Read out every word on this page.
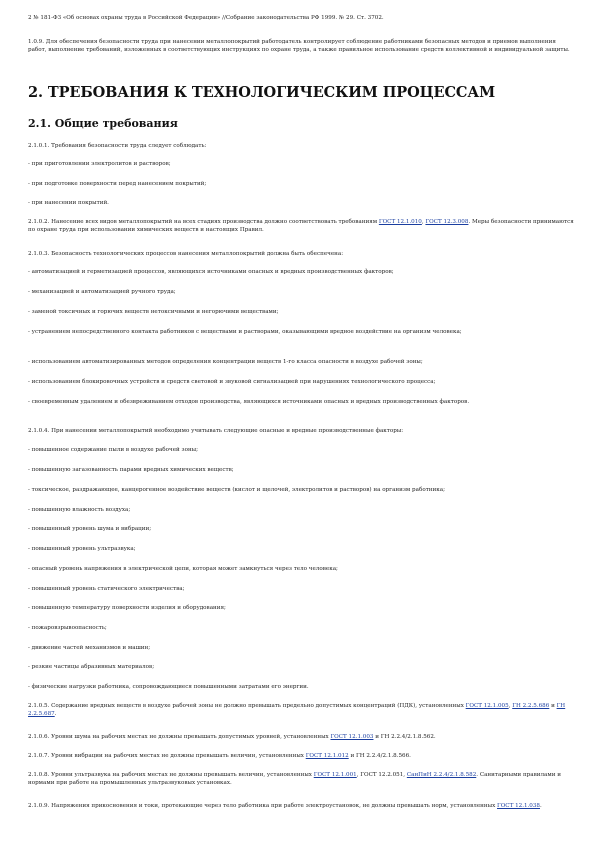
2 № 181-ФЗ «Об основах охраны труда в Российской Федерации» //Собрание законодательства РФ 1999. № 29. Ст. 3702.

1.0.9. Для обеспечения безопасности труда при нанесении металлопокрытий работодатель контролирует соблюдение работниками безопасных методов и приемов выполнения работ, выполнение требований, изложенных в соответствующих инструкциях по охране труда, а также правильное использование средств коллективной и индивидуальной защиты.

2. ТРЕБОВАНИЯ К ТЕХНОЛОГИЧЕСКИМ ПРОЦЕССАМ
2.1. Общие требования

2.1.0.1. Требования безопасности труда следует соблюдать:

- при приготовлении электролитов и растворов;

- при подготовке поверхности перед нанесением покрытий;

- при нанесении покрытий.

2.1.0.2. Нанесение всех видов металлопокрытий на всех стадиях производства должно соответствовать требованиям ГОСТ 12.1.010, ГОСТ 12.3.008. Меры безопасности принимаются по охране труда при использовании химических веществ и настоящих Правил.

2.1.0.3. Безопасность технологических процессов нанесения металлопокрытий должна быть обеспечена:

- автоматизацией и герметизацией процессов, являющихся источниками опасных и вредных производственных факторов;

- механизацией и автоматизацией ручного труда;

- заменой токсичных и горючих веществ нетоксичными и негорючими веществами;

- устранением непосредственного контакта работников с веществами и растворами, оказывающими вредное воздействие на организм человека;

- использованием автоматизированных методов определения концентрации веществ 1-го класса опасности в воздухе рабочей зоны;

- использованием блокировочных устройств и средств световой и звуковой сигнализацией при нарушениях технологического процесса;

- своевременным удалением и обезвреживанием отходов производства, являющихся источниками опасных и вредных производственных факторов.

2.1.0.4. При нанесении металлопокрытий необходимо учитывать следующие опасные и вредные производственные факторы:

- повышенное содержание пыли в воздухе рабочей зоны;

- повышенную загазованность парами вредных химических веществ;

- токсическое, раздражающее, канцерогенное воздействие веществ (кислот и щелочей, электролитов и растворов) на организм работника;

- повышенную влажность воздуха;

- повышенный уровень шума и вибрации;

- повышенный уровень ультразвука;

- опасный уровень напряжения в электрической цепи, которая может замкнуться через тело человека;

- повышенный уровень статического электричества;

- повышенную температуру поверхности изделия и оборудования;

- пожаровзрывоопасность;

- движение частей механизмов и машин;

- резкие частицы абразивных материалов;

- физические нагрузки работника, сопровождающиеся повышенными затратами его энергии.

2.1.0.5. Содержание вредных веществ в воздухе рабочей зоны не должно превышать предельно допустимых концентраций (ПДК), установленных ГОСТ 12.1.005, ГН 2.2.5.686 и ГН 2.2.5.687.

2.1.0.6. Уровни шума на рабочих местах не должны превышать допустимых уровней, установленных ГОСТ 12.1.003 и ГН 2.2.4/2.1.8.562.

2.1.0.7. Уровни вибрации на рабочих местах не должны превышать величин, установленных ГОСТ 12.1.012 и ГН 2.2.4/2.1.8.566.

2.1.0.8. Уровни ультразвука на рабочих местах не должны превышать величин, установленных ГОСТ 12.1.001, ГОСТ 12.2.051, СанПиН 2.2.4/2.1.8.582. Санитарными правилами и нормами при работе на промышленных ультразвуковых установках.

2.1.0.9. Напряжения прикосновения и токи, протекающие через тело работника при работе электроустановок, не должны превышать норм, установленных ГОСТ 12.1.038.
